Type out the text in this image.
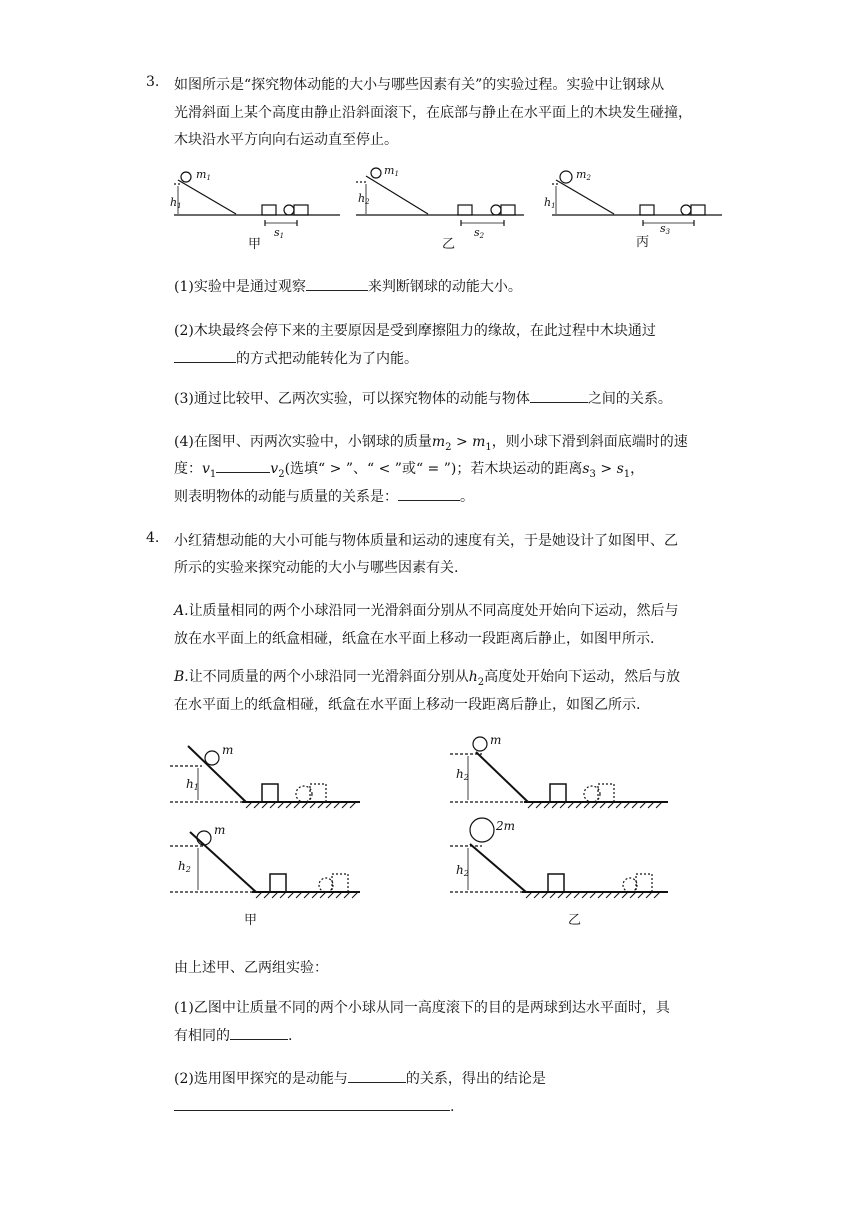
3. 如图所示是“探究物体动能的大小与哪些因素有关”的实验过程。实验中让钢球从
光滑斜面上某个高度由静止沿斜面滚下，在底部与静止在水平面上的木块发生碰撞，
木块沿水平方向向右运动直至停止。
m1
h1
s1
甲
m1
h2
s2
乙
m2
h1
s3
丙
(1)实验中是通过观察	来判断钢球的动能大小。
(2)木块最终会停下来的主要原因是受到摩擦阻力的缘故，在此过程中木块通过
的方式把动能转化为了内能。
(3)通过比较甲、乙两次实验，可以探究物体的动能与物体	之间的关系。
(4)在图甲、丙两次实验中，小钢球的质量$m_2 > m_1$，则小球下滑到斜面底端时的速
度：$v_1$	$v_2$(选填“ > ”、“ < ”或“ = ”)；若木块运动的距离$s_3 > s_1$，
则表明物体的动能与质量的关系是：	。
4. 小红猜想动能的大小可能与物体质量和运动的速度有关，于是她设计了如图甲、乙
所示的实验来探究动能的大小与哪些因素有关.
A.让质量相同的两个小球沿同一光滑斜面分别从不同高度处开始向下运动，然后与
放在水平面上的纸盒相碰，纸盒在水平面上移动一段距离后静止，如图甲所示.
B.让不同质量的两个小球沿同一光滑斜面分别从$h_2$高度处开始向下运动，然后与放
在水平面上的纸盒相碰，纸盒在水平面上移动一段距离后静止，如图乙所示.
m
h1
m
h2
甲
m
h2
2m
h2
乙
由上述甲、乙两组实验：
(1)乙图中让质量不同的两个小球从同一高度滚下的目的是两球到达水平面时，具
有相同的	.
(2)选用图甲探究的是动能与	的关系，得出的结论是
.
